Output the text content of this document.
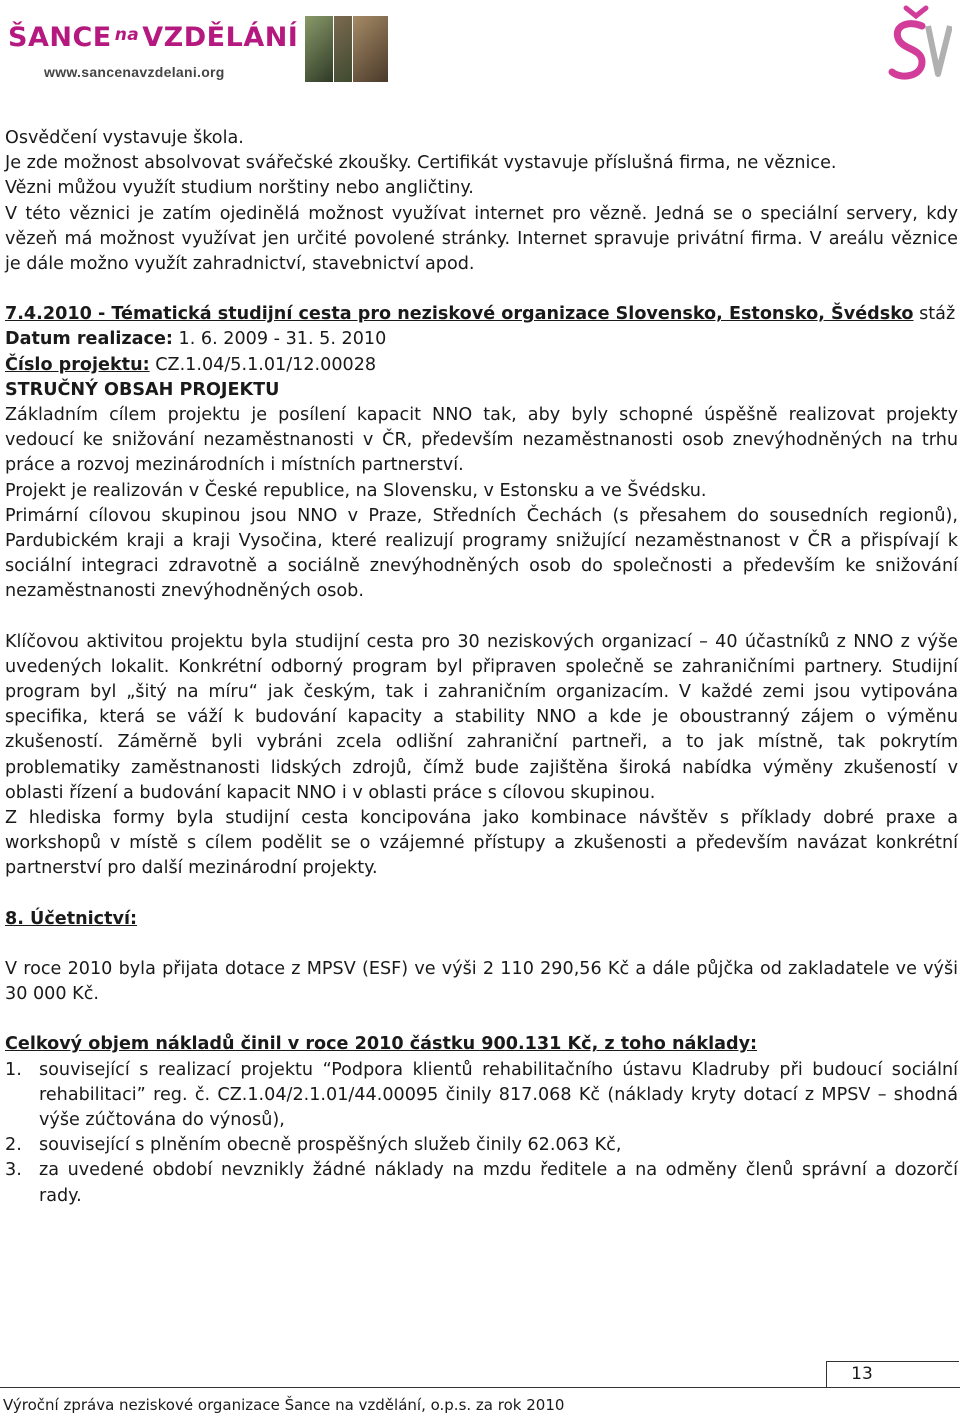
ŠANCE $^{na}$ VZDĚLÁNÍ
www.sancenavzdelani.org

Osvědčení vystavuje škola.

Je zde možnost absolvovat svářečské zkoušky. Certifikát vystavuje příslušná firma, ne věznice.

Vězni můžou využít studium norštiny nebo angličtiny.

V této věznici je zatím ojedinělá možnost využívat internet pro vězně. Jedná se o speciální servery, kdy vězeň má možnost využívat jen určité povolené stránky. Internet spravuje privátní firma. V areálu věznice je dále možno využít zahradnictví, stavebnictví apod.

7.4.2010 - Tématická studijní cesta pro neziskové organizace Slovensko, Estonsko, Švédsko stáž

Datum realizace: 1. 6. 2009 - 31. 5. 2010

Číslo projektu: CZ.1.04/5.1.01/12.00028

STRUČNÝ OBSAH PROJEKTU

Základním cílem projektu je posílení kapacit NNO tak, aby byly schopné úspěšně realizovat projekty vedoucí ke snižování nezaměstnanosti v ČR, především nezaměstnanosti osob znevýhodněných na trhu práce a rozvoj mezinárodních i místních partnerství.

Projekt je realizován v České republice, na Slovensku, v Estonsku a ve Švédsku.

Primární cílovou skupinou jsou NNO v Praze, Středních Čechách (s přesahem do sousedních regionů), Pardubickém kraji a kraji Vysočina, které realizují programy snižující nezaměstnanost v ČR a přispívají k sociální integraci zdravotně a sociálně znevýhodněných osob do společnosti a především ke snižování nezaměstnanosti znevýhodněných osob.

Klíčovou aktivitou projektu byla studijní cesta pro 30 neziskových organizací – 40 účastníků z NNO z výše uvedených lokalit. Konkrétní odborný program byl připraven společně se zahraničními partnery. Studijní program byl „šitý na míru“ jak českým, tak i zahraničním organizacím. V každé zemi jsou vytipována specifika, která se váží k budování kapacity a stability NNO a kde je oboustranný zájem o výměnu zkušeností. Záměrně byli vybráni zcela odlišní zahraniční partneři, a to jak místně, tak pokrytím problematiky zaměstnanosti lidských zdrojů, čímž bude zajištěna široká nabídka výměny zkušeností v oblasti řízení a budování kapacit NNO i v oblasti práce s cílovou skupinou.

Z hlediska formy byla studijní cesta koncipována jako kombinace návštěv s příklady dobré praxe a workshopů v místě s cílem podělit se o vzájemné přístupy a zkušenosti a především navázat konkrétní partnerství pro další mezinárodní projekty.

8. Účetnictví:

V roce 2010 byla přijata dotace z MPSV (ESF) ve výši 2 110 290,56 Kč a dále půjčka od zakladatele ve výši 30 000 Kč.

Celkový objem nákladů činil v roce 2010 částku 900.131 Kč, z toho náklady:

1. související s realizací projektu “Podpora klientů rehabilitačního ústavu Kladruby při budoucí sociální rehabilitaci” reg. č. CZ.1.04/2.1.01/44.00095 činily 817.068 Kč (náklady kryty dotací z MPSV – shodná výše zúčtována do výnosů),
2. související s plněním obecně prospěšných služeb činily 62.063 Kč,
3. za uvedené období nevznikly žádné náklady na mzdu ředitele a na odměny členů správní a dozorčí rady.
13
Výroční zpráva neziskové organizace Šance na vzdělání, o.p.s. za rok 2010
